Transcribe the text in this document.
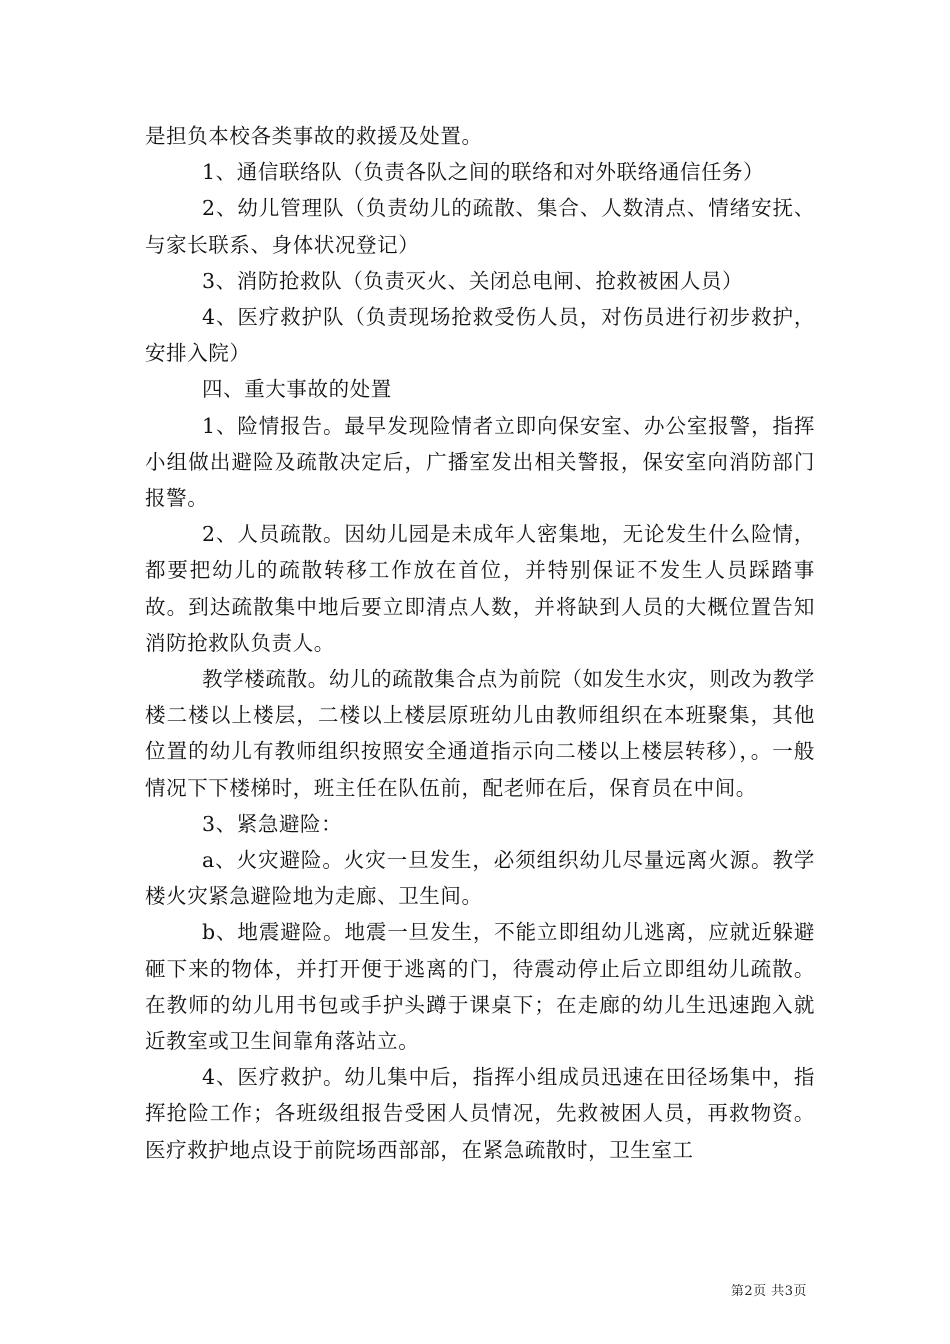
是担负本校各类事故的救援及处置。

1、通信联络队（负责各队之间的联络和对外联络通信任务）

2、幼儿管理队（负责幼儿的疏散、集合、人数清点、情绪安抚、与家长联系、身体状况登记）

3、消防抢救队（负责灭火、关闭总电闸、抢救被困人员）

4、医疗救护队（负责现场抢救受伤人员，对伤员进行初步救护，安排入院）

四、重大事故的处置

1、险情报告。最早发现险情者立即向保安室、办公室报警，指挥小组做出避险及疏散决定后，广播室发出相关警报，保安室向消防部门报警。

2、人员疏散。因幼儿园是未成年人密集地，无论发生什么险情，都要把幼儿的疏散转移工作放在首位，并特别保证不发生人员踩踏事故。到达疏散集中地后要立即清点人数，并将缺到人员的大概位置告知消防抢救队负责人。

教学楼疏散。幼儿的疏散集合点为前院（如发生水灾，则改为教学楼二楼以上楼层，二楼以上楼层原班幼儿由教师组织在本班聚集，其他位置的幼儿有教师组织按照安全通道指示向二楼以上楼层转移），。一般情况下下楼梯时，班主任在队伍前，配老师在后，保育员在中间。

3、紧急避险：

a、火灾避险。火灾一旦发生，必须组织幼儿尽量远离火源。教学楼火灾紧急避险地为走廊、卫生间。

b、地震避险。地震一旦发生，不能立即组幼儿逃离，应就近躲避砸下来的物体，并打开便于逃离的门，待震动停止后立即组幼儿疏散。在教师的幼儿用书包或手护头蹲于课桌下；在走廊的幼儿生迅速跑入就近教室或卫生间靠角落站立。

4、医疗救护。幼儿集中后，指挥小组成员迅速在田径场集中，指挥抢险工作；各班级组报告受困人员情况，先救被困人员，再救物资。医疗救护地点设于前院场西部部，在紧急疏散时，卫生室工

第2页 共3页
